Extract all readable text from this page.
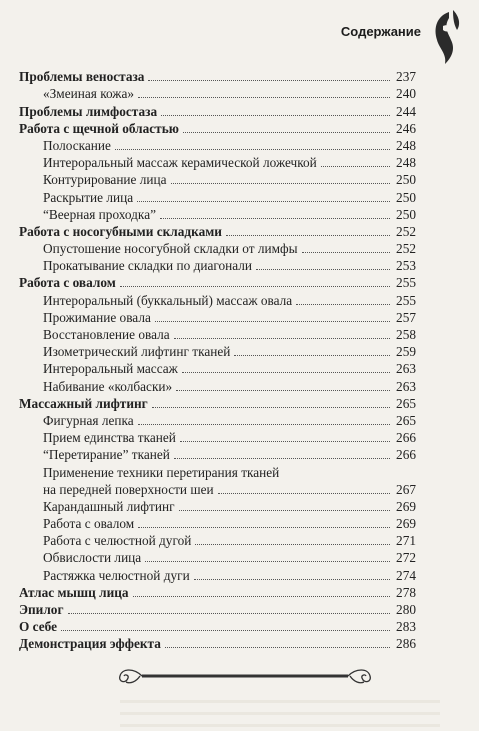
Содержание
Проблемы веностаза	237
«Змеиная кожа»	240
Проблемы лимфостаза	244
Работа с щечной областью	246
Полоскание	248
Интероральный массаж керамической ложечкой	248
Контурирование лица	250
Раскрытие лица	250
“Веерная проходка”	250
Работа с носогубными складками	252
Опустошение носогубной складки от лимфы	252
Прокатывание складки по диагонали	253
Работа с овалом	255
Интероральный (буккальный) массаж овала	255
Прожимание овала	257
Восстановление овала	258
Изометрический лифтинг тканей	259
Интероральный массаж	263
Набивание «колбаски»	263
Массажный лифтинг	265
Фигурная лепка	265
Прием единства тканей	266
“Перетирание” тканей	266
Применение техники перетирания тканей
на передней поверхности шеи	267
Карандашный лифтинг	269
Работа с овалом	269
Работа с челюстной дугой	271
Обвислости лица	272
Растяжка челюстной дуги	274
Атлас мышц лица	278
Эпилог	280
О себе	283
Демонстрация эффекта	286
